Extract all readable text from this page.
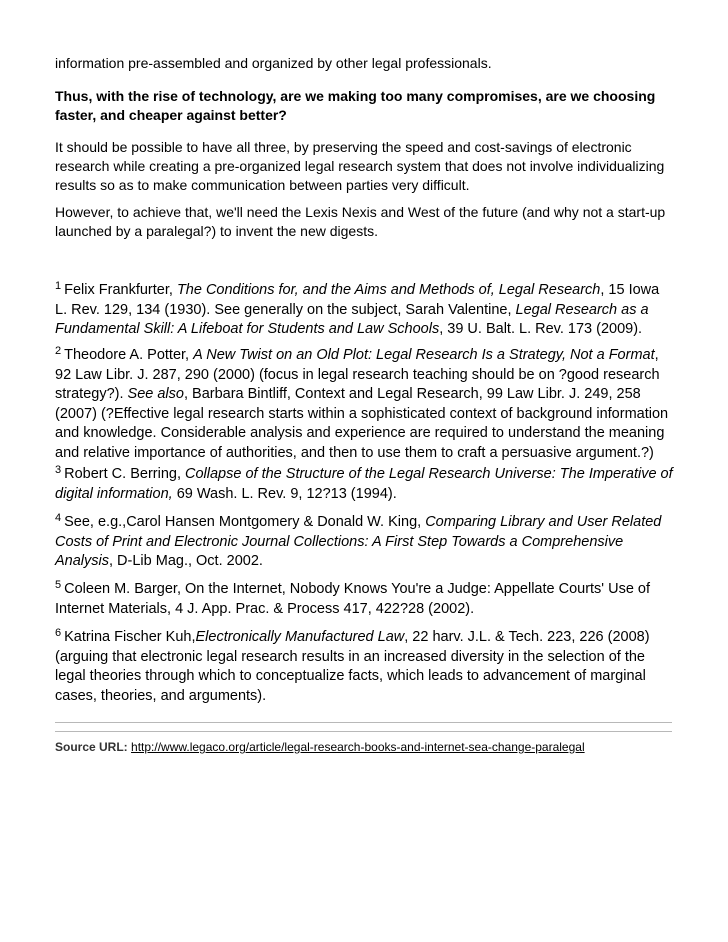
information pre-assembled and organized by other legal professionals.

Thus, with the rise of technology, are we making too many compromises, are we choosing faster, and cheaper against better?

It should be possible to have all three, by preserving the speed and cost-savings of electronic research while creating a pre-organized legal research system that does not involve individualizing results so as to make communication between parties very difficult.

However, to achieve that, we'll need the Lexis Nexis and West of the future (and why not a start-up launched by a paralegal?) to invent the new digests.

$^1$ Felix Frankfurter, The Conditions for, and the Aims and Methods of, Legal Research, 15 Iowa L. Rev. 129, 134 (1930). See generally on the subject, Sarah Valentine, Legal Research as a Fundamental Skill: A Lifeboat for Students and Law Schools, 39 U. Balt. L. Rev. 173 (2009).

$^2$ Theodore A. Potter, A New Twist on an Old Plot: Legal Research Is a Strategy, Not a Format, 92 Law Libr. J. 287, 290 (2000) (focus in legal research teaching should be on ?good research strategy?). See also, Barbara Bintliff, Context and Legal Research, 99 Law Libr. J. 249, 258 (2007) (?Effective legal research starts within a sophisticated context of background information and knowledge. Considerable analysis and experience are required to understand the meaning and relative importance of authorities, and then to use them to craft a persuasive argument.?)

$^3$ Robert C. Berring, Collapse of the Structure of the Legal Research Universe: The Imperative of digital information, 69 Wash. L. Rev. 9, 12?13 (1994).

$^4$ See, e.g.,Carol Hansen Montgomery & Donald W. King, Comparing Library and User Related Costs of Print and Electronic Journal Collections: A First Step Towards a Comprehensive Analysis, D-Lib Mag., Oct. 2002.

$^5$ Coleen M. Barger, On the Internet, Nobody Knows You're a Judge: Appellate Courts' Use of Internet Materials, 4 J. App. Prac. & Process 417, 422?28 (2002).

$^6$ Katrina Fischer Kuh,Electronically Manufactured Law, 22 harv. J.L. & Tech. 223, 226 (2008) (arguing that electronic legal research results in an increased diversity in the selection of the legal theories through which to conceptualize facts, which leads to advancement of marginal cases, theories, and arguments).

Source URL: http://www.legaco.org/article/legal-research-books-and-internet-sea-change-paralegal
